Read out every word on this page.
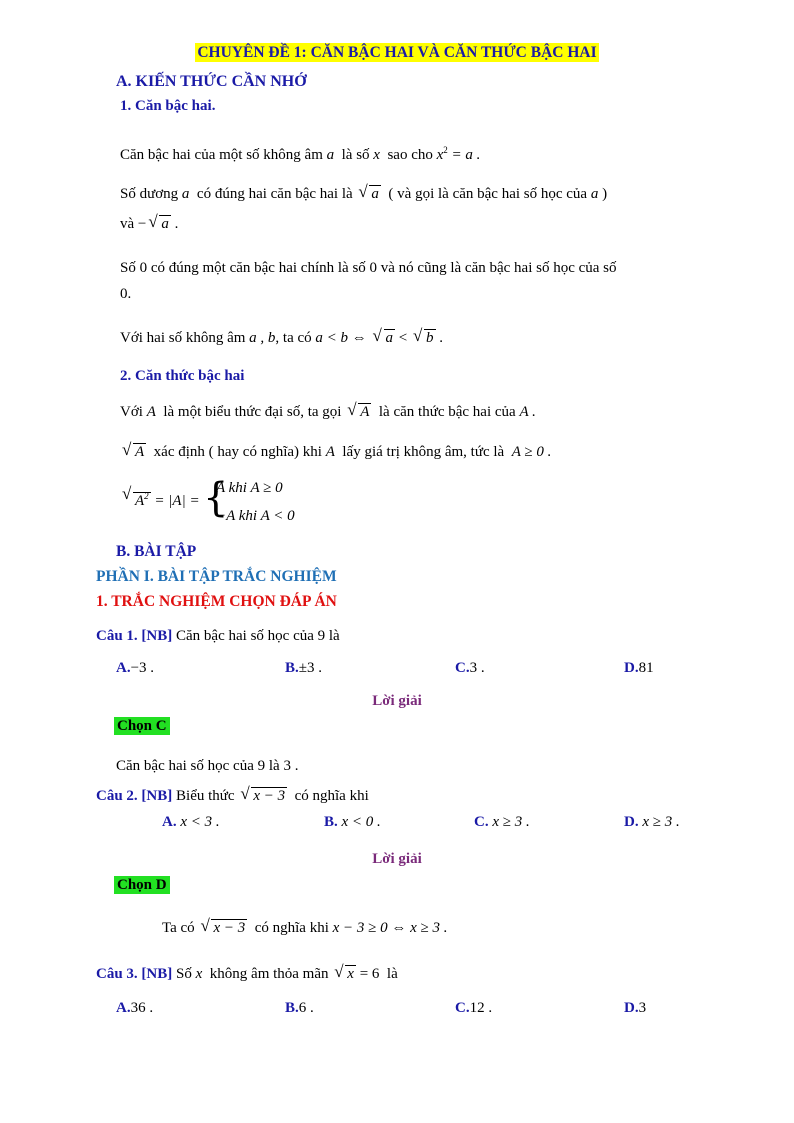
CHUYÊN ĐỀ 1: CĂN BẬC HAI VÀ CĂN THỨC BẬC HAI
A. KIẾN THỨC CẦN NHỚ
1. Căn bậc hai.
Căn bậc hai của một số không âm a là số x sao cho $x^2 = a$ .
Số dương a có đúng hai căn bậc hai là √ a ( và gọi là căn bậc hai số học của a )
và − √ a .
Số 0 có đúng một căn bậc hai chính là số 0 và nó cũng là căn bậc hai số học của số
0.
Với hai số không âm a , b, ta có a < b ⇔ √ a < √ b .
2. Căn thức bậc hai
Với A là một biểu thức đại số, ta gọi √ A là căn thức bậc hai của A .
√ A xác định ( hay có nghĩa) khi A lấy giá trị không âm, tức là A ≥ 0 .
√ $A^2 = |A|$ = {
A khi A ≥ 0
−A khi A < 0
B. BÀI TẬP
PHẦN I. BÀI TẬP TRẮC NGHIỆM
1. TRẮC NGHIỆM CHỌN ĐÁP ÁN
Câu 1. [NB] Căn bậc hai số học của 9 là
A.−3 .	B.±3 .	C.3 .	D.81
Lời giải
Chọn C
Căn bậc hai số học của 9 là 3 .
Câu 2. [NB] Biểu thức √ x − 3 có nghĩa khi
A. x < 3 .	B. x < 0 .	C. x ≥ 3 .	D. x ≥ 3 .
Lời giải
Chọn D
Ta có √ x − 3 có nghĩa khi x − 3 ≥ 0 ⇔ x ≥ 3 .
Câu 3. [NB] Số x không âm thỏa mãn √ x = 6 là
A.36 .	B.6 .	C.12 .	D.3
